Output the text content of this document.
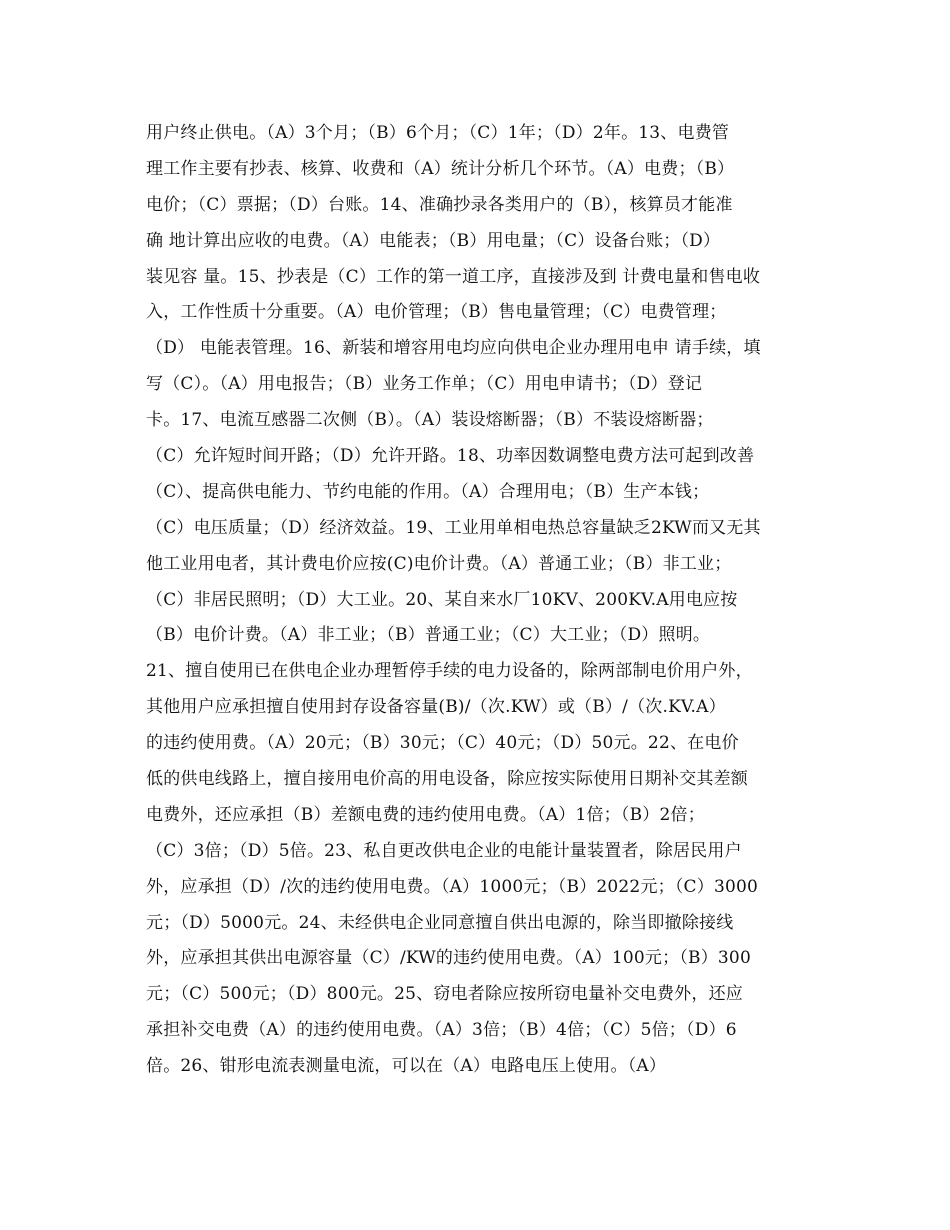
用户终止供电。（A）3个月；（B）6个月；（C）1年；（D）2年。13、电费管
理工作主要有抄表、核算、收费和（A）统计分析几个环节。（A）电费；（B）
电价；（C）票据；（D）台账。14、准确抄录各类用户的（B），核算员才能准
确 地计算出应收的电费。（A）电能表；（B）用电量；（C）设备台账；（D）
装见容 量。15、抄表是（C）工作的第一道工序，直接涉及到 计费电量和售电收
入，工作性质十分重要。（A）电价管理；（B）售电量管理；（C）电费管理；
（D） 电能表管理。16、新装和增容用电均应向供电企业办理用电申 请手续，填
写（C）。（A）用电报告；（B）业务工作单；（C）用电申请书；（D）登记
卡。17、电流互感器二次侧（B）。（A）装设熔断器；（B）不装设熔断器；
（C）允许短时间开路；（D）允许开路。18、功率因数调整电费方法可起到改善
（C）、提高供电能力、节约电能的作用。（A）合理用电；（B）生产本钱；
（C）电压质量；（D）经济效益。19、工业用单相电热总容量缺乏2KW而又无其
他工业用电者，其计费电价应按(C)电价计费。（A）普通工业；（B）非工业；
（C）非居民照明；（D）大工业。20、某自来水厂10KV、200KV.A用电应按
（B）电价计费。（A）非工业；（B）普通工业；（C）大工业；（D）照明。
21、擅自使用已在供电企业办理暂停手续的电力设备的，除两部制电价用户外，
其他用户应承担擅自使用封存设备容量(B)/（次.KW）或（B）/（次.KV.A）
的违约使用费。（A）20元；（B）30元；（C）40元；（D）50元。22、在电价
低的供电线路上，擅自接用电价高的用电设备，除应按实际使用日期补交其差额
电费外，还应承担（B）差额电费的违约使用电费。（A）1倍；（B）2倍；
（C）3倍；（D）5倍。23、私自更改供电企业的电能计量装置者，除居民用户
外，应承担（D）/次的违约使用电费。（A）1000元；（B）2022元；（C）3000
元；（D）5000元。24、未经供电企业同意擅自供出电源的，除当即撤除接线
外，应承担其供出电源容量（C）/KW的违约使用电费。（A）100元；（B）300
元；（C）500元；（D）800元。25、窃电者除应按所窃电量补交电费外，还应
承担补交电费（A）的违约使用电费。（A）3倍；（B）4倍；（C）5倍；（D）6
倍。26、钳形电流表测量电流，可以在（A）电路电压上使用。（A）
